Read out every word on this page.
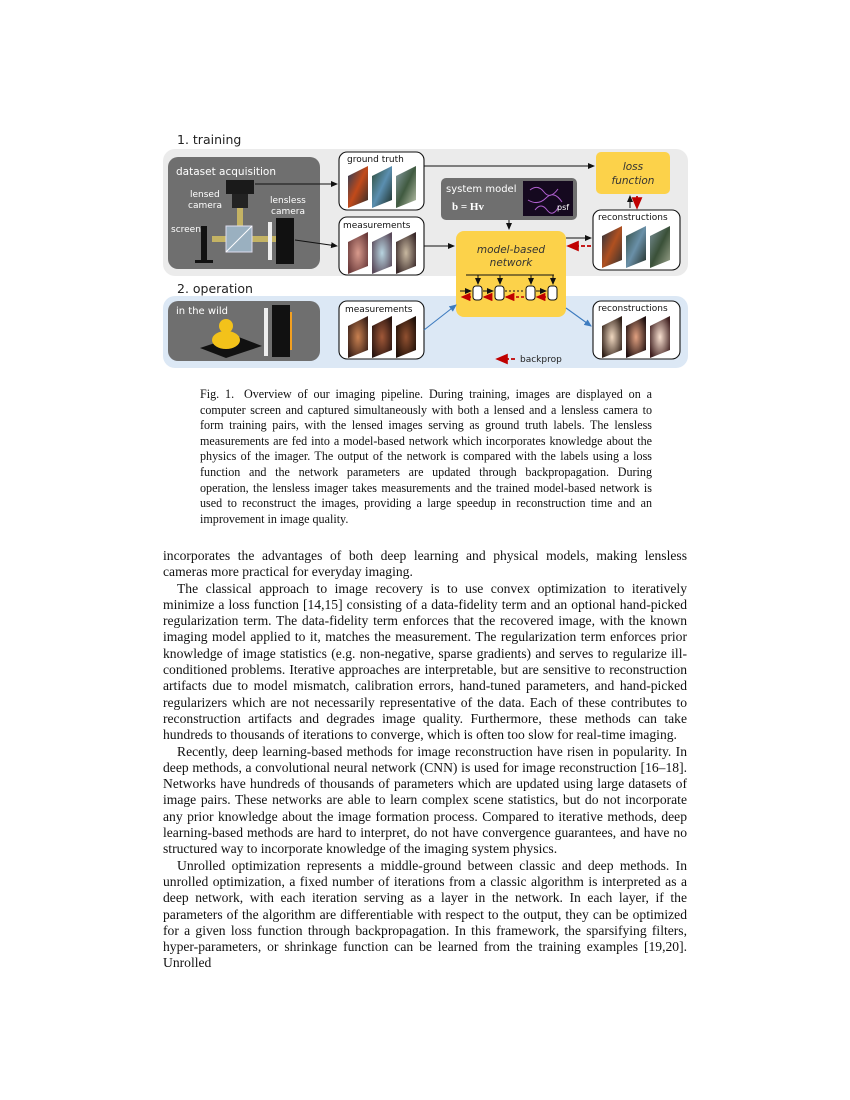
1. training
2. operation
dataset acquisition
lensed
camera	lensless
camera
screen
ground truth
measurements
system model
b = Hv	psf
loss
function
reconstructions
model-based
network
in the wild	measurements	reconstructions
backprop
Fig. 1. Overview of our imaging pipeline. During training, images are displayed on a computer screen and captured simultaneously with both a lensed and a lensless camera to form training pairs, with the lensed images serving as ground truth labels. The lensless measurements are fed into a model-based network which incorporates knowledge about the physics of the imager. The output of the network is compared with the labels using a loss function and the network parameters are updated through backpropagation. During operation, the lensless imager takes measurements and the trained model-based network is used to reconstruct the images, providing a large speedup in reconstruction time and an improvement in image quality.

incorporates the advantages of both deep learning and physical models, making lensless cameras more practical for everyday imaging.

The classical approach to image recovery is to use convex optimization to iteratively minimize a loss function [14,15] consisting of a data-fidelity term and an optional hand-picked regularization term. The data-fidelity term enforces that the recovered image, with the known imaging model applied to it, matches the measurement. The regularization term enforces prior knowledge of image statistics (e.g. non-negative, sparse gradients) and serves to regularize ill-conditioned problems. Iterative approaches are interpretable, but are sensitive to reconstruction artifacts due to model mismatch, calibration errors, hand-tuned parameters, and hand-picked regularizers which are not necessarily representative of the data. Each of these contributes to reconstruction artifacts and degrades image quality. Furthermore, these methods can take hundreds to thousands of iterations to converge, which is often too slow for real-time imaging.

Recently, deep learning-based methods for image reconstruction have risen in popularity. In deep methods, a convolutional neural network (CNN) is used for image reconstruction [16–18]. Networks have hundreds of thousands of parameters which are updated using large datasets of image pairs. These networks are able to learn complex scene statistics, but do not incorporate any prior knowledge about the image formation process. Compared to iterative methods, deep learning-based methods are hard to interpret, do not have convergence guarantees, and have no structured way to incorporate knowledge of the imaging system physics.

Unrolled optimization represents a middle-ground between classic and deep methods. In unrolled optimization, a fixed number of iterations from a classic algorithm is interpreted as a deep network, with each iteration serving as a layer in the network. In each layer, if the parameters of the algorithm are differentiable with respect to the output, they can be optimized for a given loss function through backpropagation. In this framework, the sparsifying filters, hyper-parameters, or shrinkage function can be learned from the training examples [19,20]. Unrolled
